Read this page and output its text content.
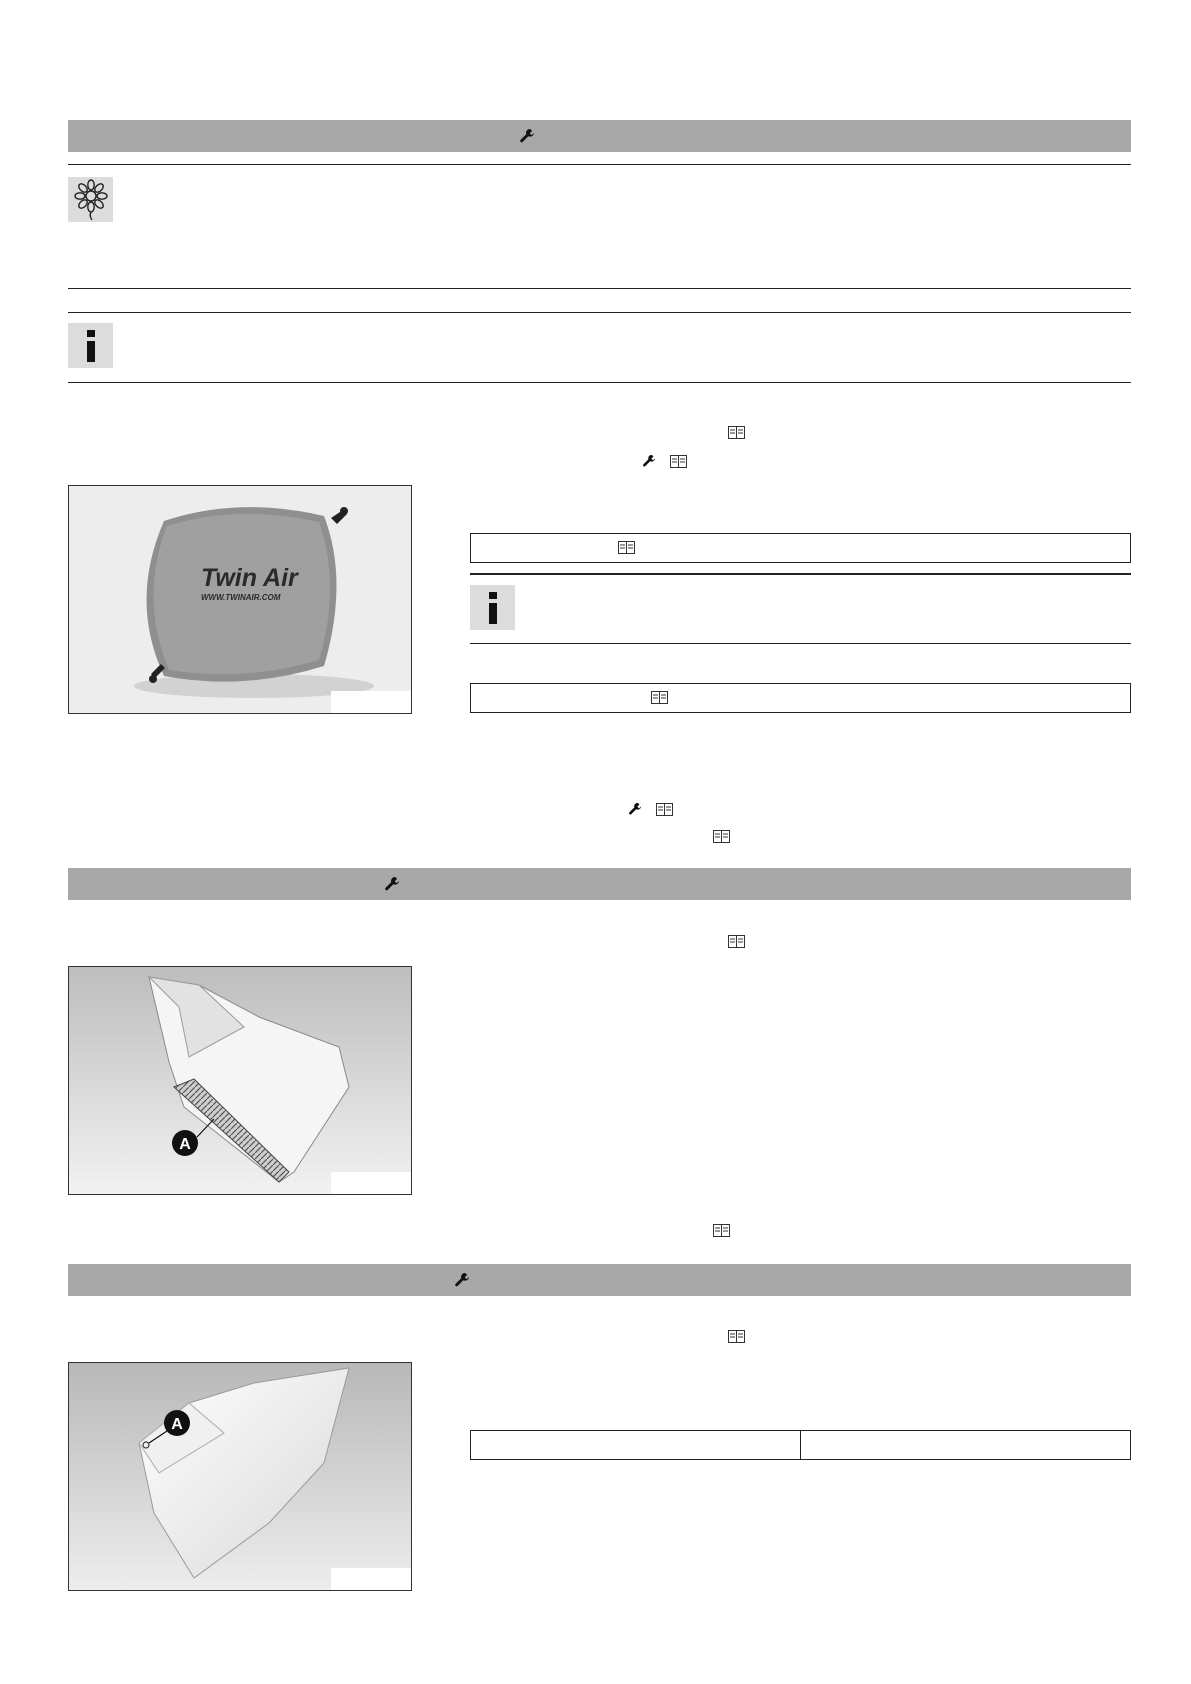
Twin Air
WWW.TWINAIR.COM
A
A
